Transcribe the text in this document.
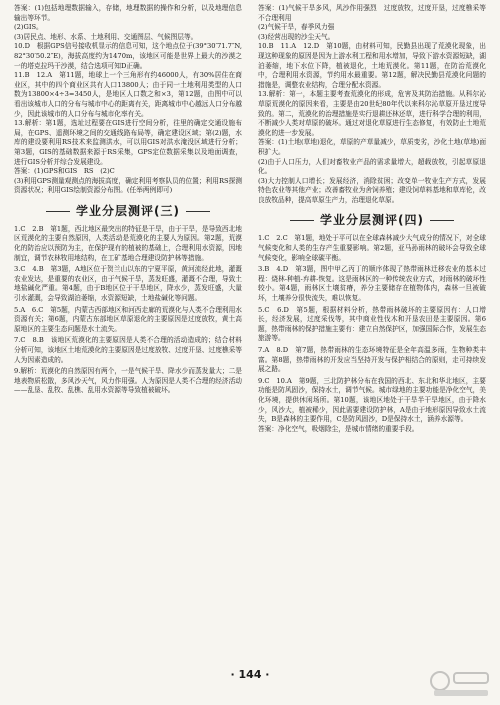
答案：(1)包括地理数据输入，存储，地理数据的操作和分析，以及地理信息输出等环节。

(2)GIS。

(3)居民点、地形、水系、土地利用、交通图层、气候图层等。

10.D　根据GPS信号接收机显示的信息可知，这个地点位于(39°30′71.7″N,82°30′50.2″E)，海拔高度约为1470m，该地区可能是世界上最大的沙漠之一的塔克拉玛干沙漠，结合选项可知D正确。

11.B　12.A　第11题，地球上一个三角形有约46000人，有30%居住在商业区，其中的四个商业区共有人口13800人；由于同一土地利用类型的人口数为13800×4÷3=3450人，是地区人口数之和×3，第12题，由图中可以看出该城市人口的分布与城市中心的距离有关，距离城市中心越远人口分布越少，因此该城市的人口分布与城市化率有关。

13.解析：第1题，选址过程要在GIS进行空间分析，往里的确定交通设施布局，在GPS、遥测环境之间的交通线路布局等，确定建设区域；第(2)题，水库的建设要利用RS技术来监测洪水，可以用GIS对洪水淹没区域进行分析；第3题，GIS的基础数据来源于RS采集，GPS定位数据采集以及地面调查，进行GIS分析并综合发展建设。

答案：(1)GPS和GIS　RS　(2)C

(3)利用GPS测量观测点的海拔高度，确定利用考察队员的位置；利用RS探测资源状况；利用GIS绘制资源分布图。(任举两例即可)

学业分层测评(三)

1.C　2.B　第1题，西北地区最突出的特征是干旱，由于干旱，是导致西北地区荒漠化的主要自然原因，人类活动是荒漠化的主要人为原因。第2题，荒漠化的防治应以预防为主，在保护现有的植被的基础上，合理利用水资源，因地制宜，调节农林牧用地结构，在工矿基地合理建设防护林等措施。

3.C　4.B　第3题，A地区位于贺兰山以东的宁夏平原，黄河流经此地，灌溉农业发达，是重要的农业区，由于气候干旱，蒸发旺盛，灌溉不合理，导致土地盐碱化严重。第4题，由于B地区位于干旱地区，降水少，蒸发旺盛，大量引水灌溉，会导致湖泊萎缩，水资源短缺，土地盐碱化等问题。

5.A　6.C　第5题，内蒙古西部地区和河西走廊的荒漠化与人类不合理利用水资源有关；第6题，内蒙古东部地区草原退化的主要原因是过度放牧，黄土高原地区的主要生态问题是水土流失。

7.C　8.B　该地区荒漠化的主要原因是人类不合理的活动造成的；结合材料分析可知，该地区土地荒漠化的主要原因是过度放牧、过度开垦、过度樵采等人为因素造成的。

9.解析：荒漠化的自然原因有两个，一是气候干旱、降水少而蒸发量大；二是地表物质松散，多风沙天气，风力作用强。人为原因是人类不合理的经济活动——乱垦、乱牧、乱樵、乱用水资源等导致植被破坏。

答案：(1)气候干旱多风，风沙作用强烈　过度放牧，过度开垦，过度樵采等不合理利用

(2)气候干旱，春季风力强

(3)经营出现的沙尘天气。

10.B　11.A　12.D　第10题，由材料可知，民勤县出现了荒漠化现象，出现这种现象的原因是因为上游水利工程和用水增加，导致下游水资源短缺，湖泊萎缩，地下水位下降，植被退化，土地荒漠化。第11题，在防治荒漠化中，合理利用水资源，节约用水最重要。第12题，解决民勤县荒漠化问题的措施是，调整农业结构，合理分配水资源。

13.解析：第一，本题主要考查荒漠化的形成，危害及其防治措施。从科尔沁草原荒漠化的原因来看，主要是由20世纪80年代以来科尔沁草原开垦过度导致的。第二，荒漠化的治理措施是实行退耕还林还草，进行科学合理的利用，不断减少人类对草原的破坏。通过对退化草原进行生态修复，有效防止土地荒漠化的进一步发展。

答案：(1)土地(草地)退化，草原的产草量减少，草质变劣，沙化土地(草地)面积扩大。

(2)由于人口压力，人们对畜牧业产品的需求量增大，超载放牧，引起草原退化。

(3)大力控制人口增长；发展经济，消除贫困；改变单一牧业生产方式，发展特色农业等其他产业；改善畜牧业为舍饲养殖；建设饲草料基地和草库伦，改良放牧品种，提高草原生产力，治理退化草原。

学业分层测评(四)

1.C　2.C　第1题，地处于平可以在全球森林减少大气成分的情况下，对全球气候变化和人类的生存产生重要影响。第2题，亚马孙雨林的破坏会导致全球气候变化，影响全球碳平衡。

3.B　4.D　第3题，图中甲乙丙丁的顺序体现了热带雨林迁移农业的基本过程：烧林-种植-弃耕-恢复。这是雨林区的一种传统农业方式，对雨林的破坏性较小。第4题，雨林区土壤贫瘠，养分主要储存在植物体内，森林一旦被破坏，土壤养分很快流失，难以恢复。

5.C　6.D　第5题，根据材料分析，热带雨林破坏的主要原因有：人口增长，经济发展，过度采伐等，其中商业性伐木和开垦农田是主要原因。第6题，热带雨林的保护措施主要有：建立自然保护区，加强国际合作，发展生态旅游等。

7.A　8.D　第7题，热带雨林的生态环境特征是全年高温多雨，生物种类丰富。第8题，热带雨林的开发应当坚持开发与保护相结合的原则，走可持续发展之路。

9.C　10.A　第9题，三北防护林分布在我国的西北、东北和华北地区，主要功能是防风固沙，保持水土，调节气候。城市绿地的主要功能是净化空气，美化环境，提供休闲场所。第10题，该地区地处于干旱半干旱地区，由于降水少，风沙大，植被稀少，因此需要建设防护林，A是由于地形原因导致水土流失，B是森林的主要作用，C是防风固沙，D是保持水土，涵养水源等。

答案：净化空气，吸烟除尘，是城市情绪的重要手段。

· 144 ·
